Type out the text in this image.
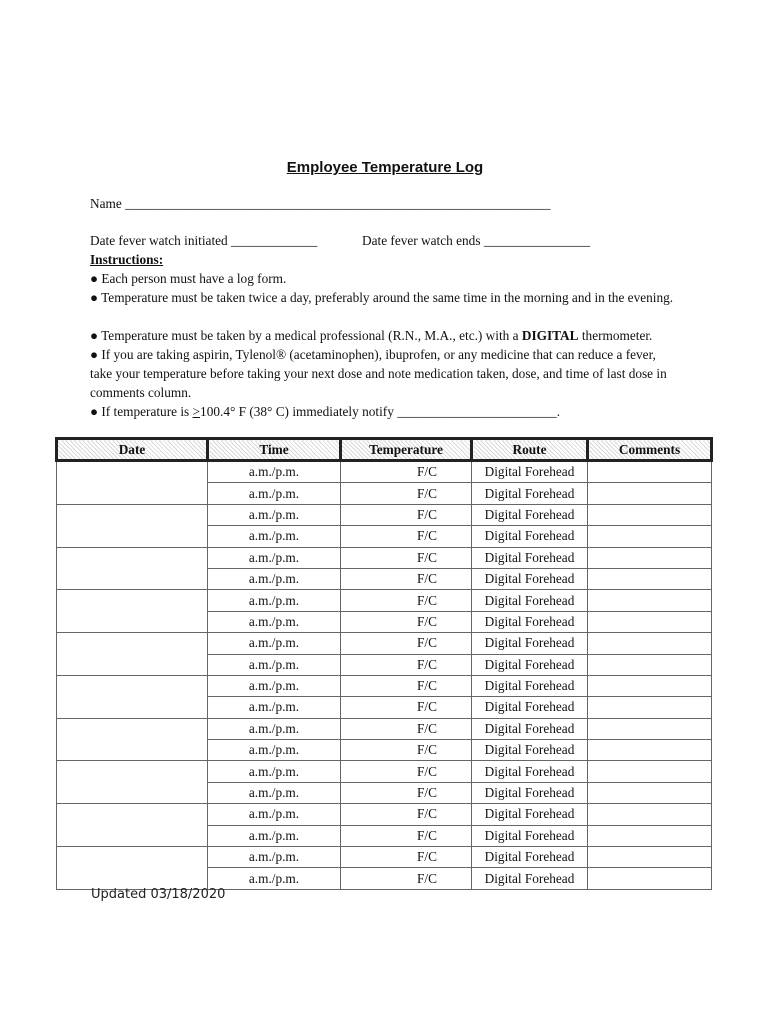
Employee Temperature Log
Name ________________________________________________________________
Date fever watch initiated _____________	Date fever watch ends ________________
Instructions:
● Each person must have a log form.
● Temperature must be taken twice a day, preferably around the same time in the morning and in the evening.
● Temperature must be taken by a medical professional (R.N., M.A., etc.) with a DIGITAL thermometer.
● If you are taking aspirin, Tylenol® (acetaminophen), ibuprofen, or any medicine that can reduce a fever, take your temperature before taking your next dose and note medication taken, dose, and time of last dose in comments column.
● If temperature is ≥100.4° F (38° C) immediately notify ________________________.
Date	Time	Temperature	Route	Comments
	a.m./p.m.	F/C	Digital Forehead	
	a.m./p.m.	F/C	Digital Forehead	
	a.m./p.m.	F/C	Digital Forehead	
	a.m./p.m.	F/C	Digital Forehead	
	a.m./p.m.	F/C	Digital Forehead	
	a.m./p.m.	F/C	Digital Forehead	
	a.m./p.m.	F/C	Digital Forehead	
	a.m./p.m.	F/C	Digital Forehead	
	a.m./p.m.	F/C	Digital Forehead	
	a.m./p.m.	F/C	Digital Forehead	
	a.m./p.m.	F/C	Digital Forehead	
	a.m./p.m.	F/C	Digital Forehead	
	a.m./p.m.	F/C	Digital Forehead	
	a.m./p.m.	F/C	Digital Forehead	
	a.m./p.m.	F/C	Digital Forehead	
	a.m./p.m.	F/C	Digital Forehead	
	a.m./p.m.	F/C	Digital Forehead	
	a.m./p.m.	F/C	Digital Forehead	
	a.m./p.m.	F/C	Digital Forehead	
	a.m./p.m.	F/C	Digital Forehead	
Updated 03/18/2020
